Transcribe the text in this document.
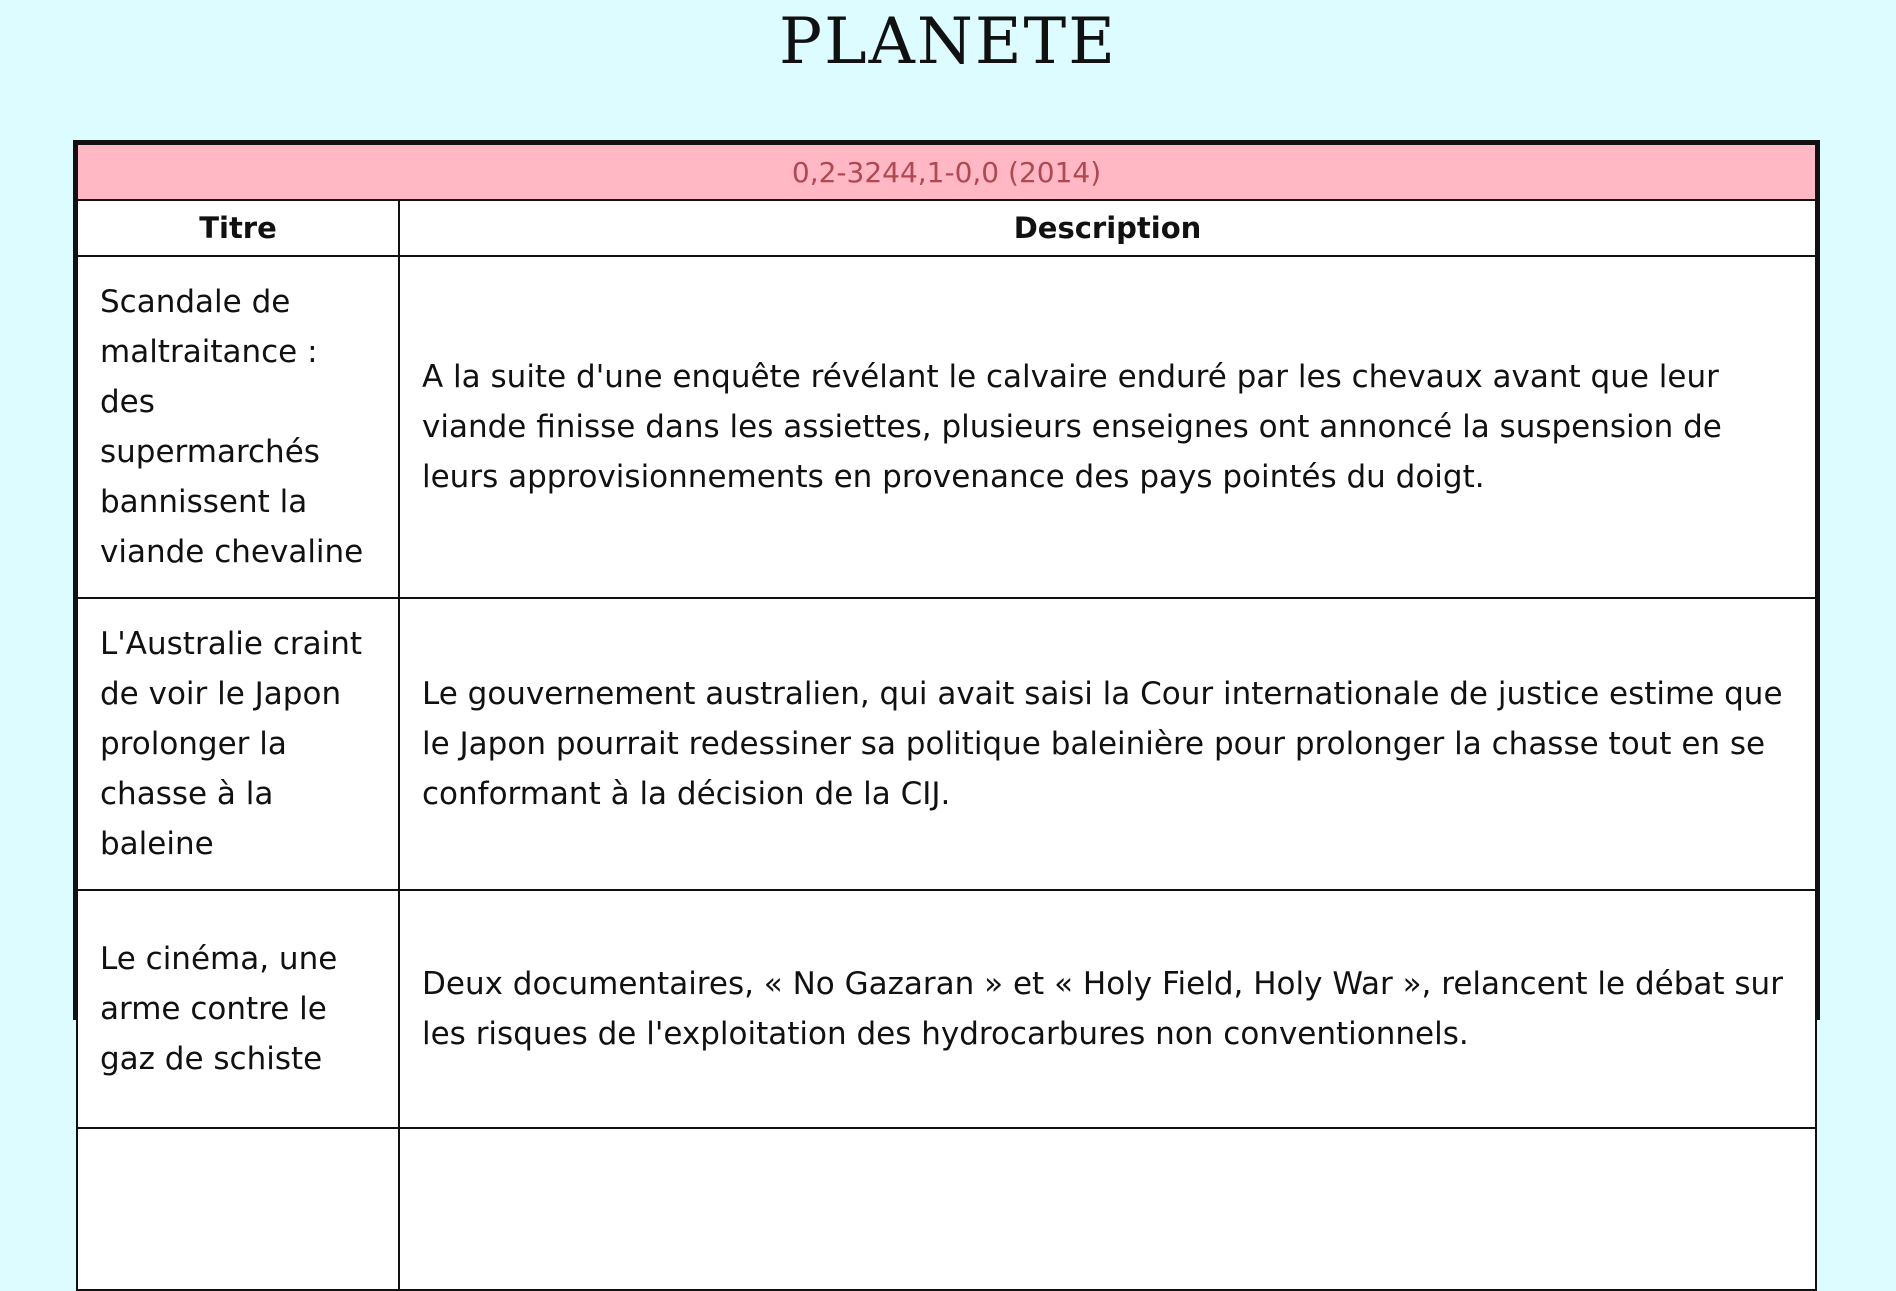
PLANETE
0,2-3244,1-0,0 (2014)	
Titre	Description
Scandale de maltraitance : des supermarchés bannissent la viande chevaline	A la suite d'une enquête révélant le calvaire enduré par les chevaux avant que leur viande finisse dans les assiettes, plusieurs enseignes ont annoncé la suspension de leurs approvisionnements en provenance des pays pointés du doigt.
L'Australie craint de voir le Japon prolonger la chasse à la baleine	Le gouvernement australien, qui avait saisi la Cour internationale de justice estime que le Japon pourrait redessiner sa politique baleinière pour prolonger la chasse tout en se conformant à la décision de la CIJ.
Le cinéma, une arme contre le gaz de schiste	Deux documentaires, « No Gazaran » et « Holy Field, Holy War », relancent le débat sur les risques de l'exploitation des hydrocarbures non conventionnels.
